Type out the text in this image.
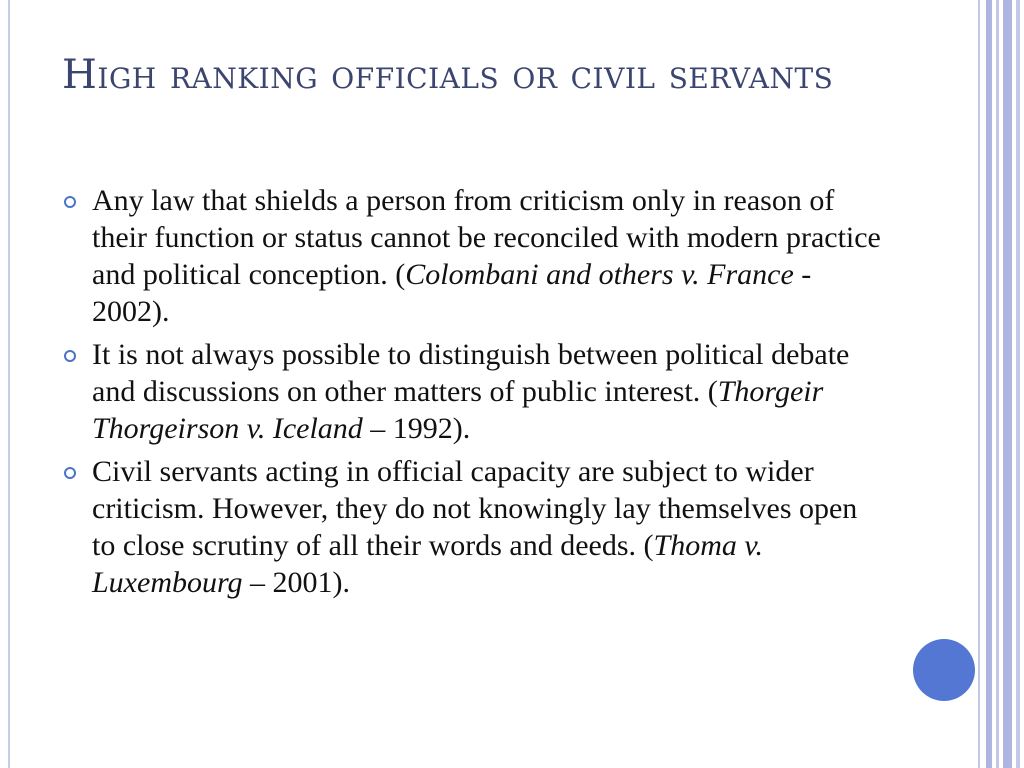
High ranking officials or civil servants
Any law that shields a person from criticism only in reason of their function or status cannot be reconciled with modern practice and political conception. (Colombani and others v. France - 2002).
It is not always possible to distinguish between political debate and discussions on other matters of public interest. (Thorgeir Thorgeirson v. Iceland – 1992).
Civil servants acting in official capacity are subject to wider criticism. However, they do not knowingly lay themselves open to close scrutiny of all their words and deeds. (Thoma v. Luxembourg – 2001).
